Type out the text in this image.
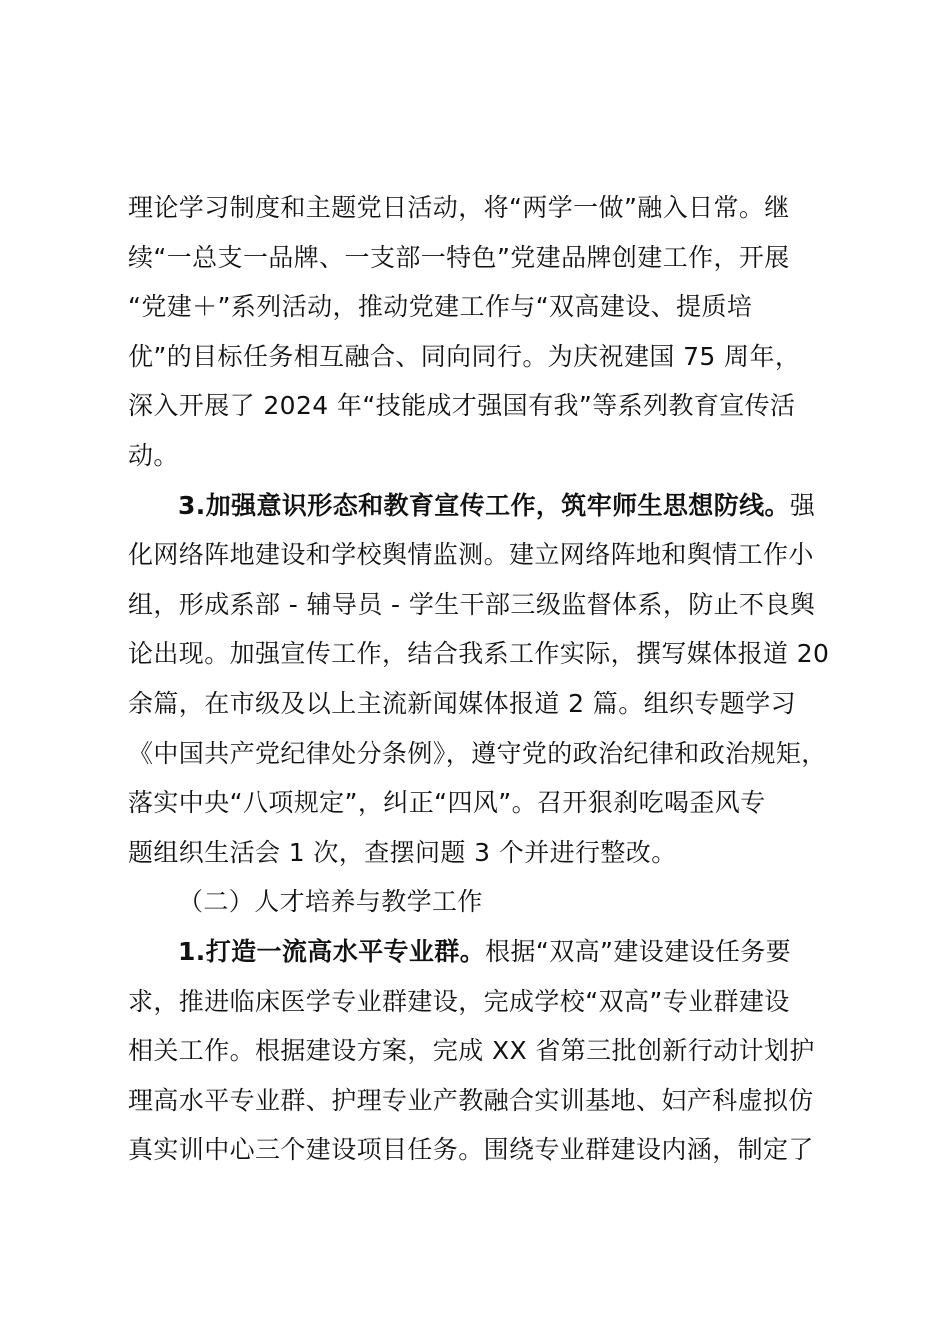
理论学习制度和主题党日活动，将“两学一做”融入日常。继
续“一总支一品牌、一支部一特色”党建品牌创建工作，开展
“党建＋”系列活动，推动党建工作与“双高建设、提质培
优”的目标任务相互融合、同向同行。为庆祝建国 75 周年，
深入开展了 2024 年“技能成才强国有我”等系列教育宣传活
动。
3.加强意识形态和教育宣传工作，筑牢师生思想防线。强
化网络阵地建设和学校舆情监测。建立网络阵地和舆情工作小
组，形成系部 - 辅导员 - 学生干部三级监督体系，防止不良舆
论出现。加强宣传工作，结合我系工作实际，撰写媒体报道 20
余篇，在市级及以上主流新闻媒体报道 2 篇。组织专题学习
《中国共产党纪律处分条例》，遵守党的政治纪律和政治规矩，
落实中央“八项规定”，纠正“四风”。召开狠刹吃喝歪风专
题组织生活会 1 次，查摆问题 3 个并进行整改。
（二）人才培养与教学工作
1.打造一流高水平专业群。根据“双高”建设建设任务要
求，推进临床医学专业群建设，完成学校“双高”专业群建设
相关工作。根据建设方案，完成 XX 省第三批创新行动计划护
理高水平专业群、护理专业产教融合实训基地、妇产科虚拟仿
真实训中心三个建设项目任务。围绕专业群建设内涵，制定了
